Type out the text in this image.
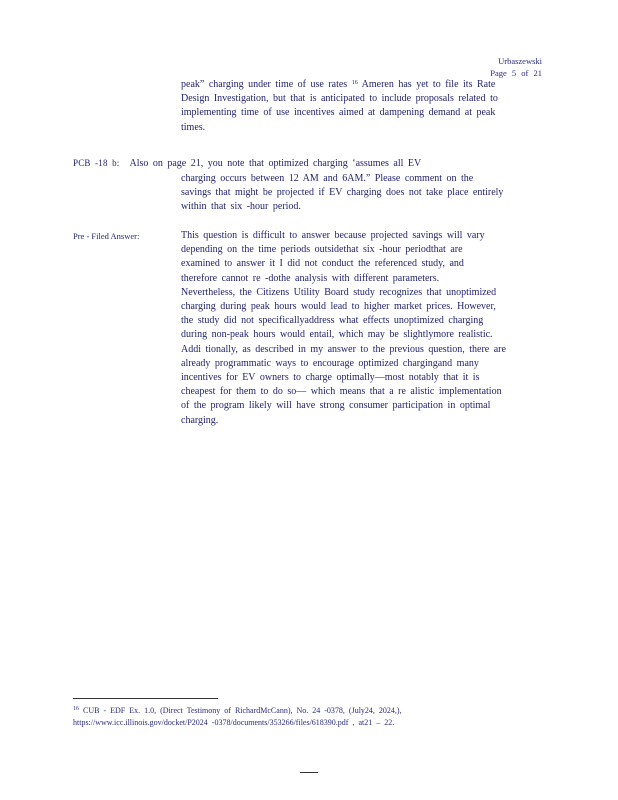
Urbaszewski
Page 5 of 21
peak” charging under time of use rates $^{16}$ Ameren has yet to file its Rate
Design Investigation, but that is anticipated to include proposals related to
implementing time of use incentives aimed at dampening demand at peak
times.
PCB -18 b: Also on page 21, you note that optimized charging ‘assumes all EV
charging occurs between 12 AM and 6AM.” Please comment on the
savings that might be projected if EV charging does not take place entirely
within that six -hour period.
Pre - Filed Answer:	This question is difficult to answer because projected savings will vary
depending on the time periods outsidethat six -hour periodthat are
examined to answer it I did not conduct the referenced study, and
therefore cannot re -dothe analysis with different parameters.
Nevertheless, the Citizens Utility Board study recognizes that unoptimized
charging during peak hours would lead to higher market prices. However,
the study did not specificallyaddress what effects unoptimized charging
during non-peak hours would entail, which may be slightlymore realistic.
Addi tionally, as described in my answer to the previous question, there are
already programmatic ways to encourage optimized chargingand many
incentives for EV owners to charge optimally—most notably that it is
cheapest for them to do so— which means that a re alistic implementation
of the program likely will have strong consumer participation in optimal
charging.
$^{16}$ CUB - EDF Ex. 1.0, (Direct Testimony of RichardMcCann), No. 24 -0378, (July24, 2024,),
https://www.icc.illinois.gov/docket/P2024 -0378/documents/353266/files/618390.pdf , at21 – 22.
